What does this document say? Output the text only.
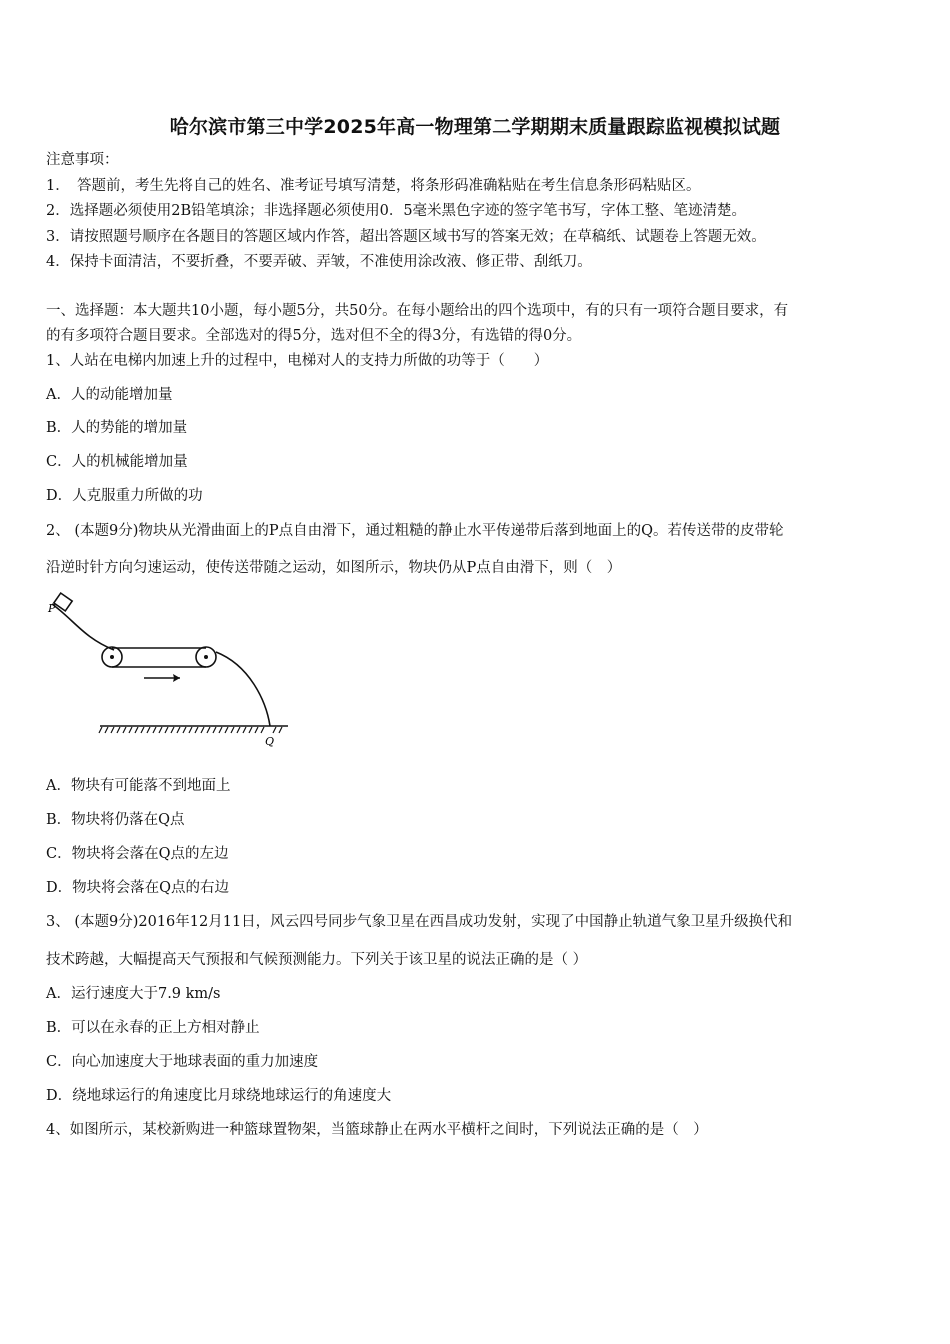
哈尔滨市第三中学2025年高一物理第二学期期末质量跟踪监视模拟试题
注意事项：
1．　答题前，考生先将自己的姓名、准考证号填写清楚，将条形码准确粘贴在考生信息条形码粘贴区。
2．选择题必须使用2B铅笔填涂；非选择题必须使用0．5毫米黑色字迹的签字笔书写，字体工整、笔迹清楚。
3．请按照题号顺序在各题目的答题区域内作答，超出答题区域书写的答案无效；在草稿纸、试题卷上答题无效。
4．保持卡面清洁，不要折叠，不要弄破、弄皱，不准使用涂改液、修正带、刮纸刀。
一、选择题：本大题共10小题，每小题5分，共50分。在每小题给出的四个选项中，有的只有一项符合题目要求，有
的有多项符合题目要求。全部选对的得5分，选对但不全的得3分，有选错的得0分。
1、人站在电梯内加速上升的过程中，电梯对人的支持力所做的功等于（　　）
A．人的动能增加量
B．人的势能的增加量
C．人的机械能增加量
D．人克服重力所做的功
2、 (本题9分)物块从光滑曲面上的P点自由滑下，通过粗糙的静止水平传递带后落到地面上的Q。若传送带的皮带轮
沿逆时针方向匀速运动，使传送带随之运动，如图所示，物块仍从P点自由滑下，则（　）
P
Q
A．物块有可能落不到地面上
B．物块将仍落在Q点
C．物块将会落在Q点的左边
D．物块将会落在Q点的右边
3、 (本题9分)2016年12月11日，风云四号同步气象卫星在西昌成功发射，实现了中国静止轨道气象卫星升级换代和
技术跨越，大幅提高天气预报和气候预测能力。下列关于该卫星的说法正确的是（ ）
A．运行速度大于7.9 km/s
B．可以在永春的正上方相对静止
C．向心加速度大于地球表面的重力加速度
D．绕地球运行的角速度比月球绕地球运行的角速度大
4、如图所示，某校新购进一种篮球置物架，当篮球静止在两水平横杆之间时，下列说法正确的是（　）
